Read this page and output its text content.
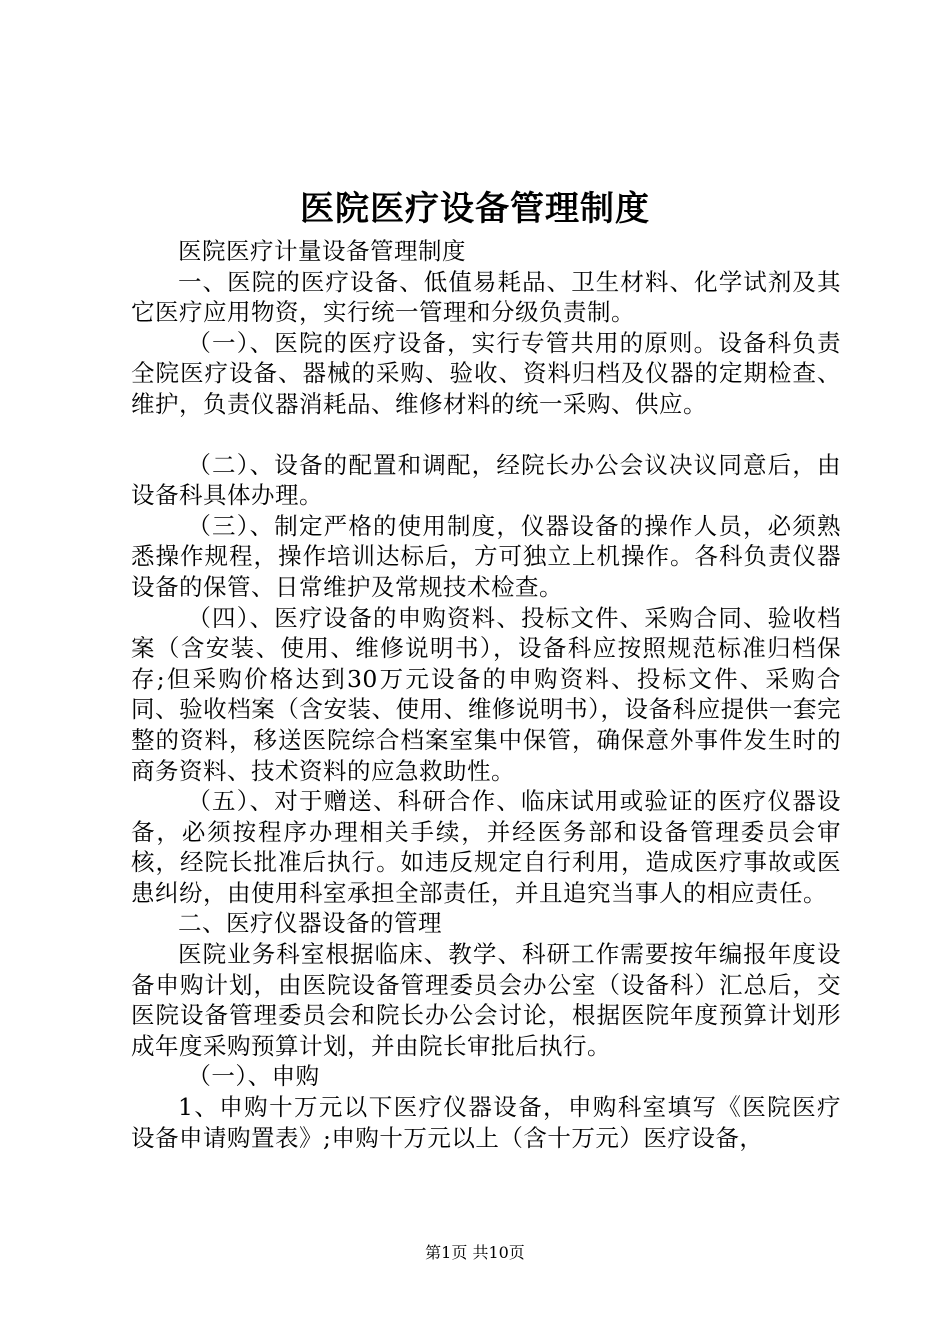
医院医疗设备管理制度

医院医疗计量设备管理制度

一、医院的医疗设备、低值易耗品、卫生材料、化学试剂及其它医疗应用物资，实行统一管理和分级负责制。

（一）、医院的医疗设备，实行专管共用的原则。设备科负责全院医疗设备、器械的采购、验收、资料归档及仪器的定期检查、维护，负责仪器消耗品、维修材料的统一采购、供应。

（二）、设备的配置和调配，经院长办公会议决议同意后，由设备科具体办理。

（三）、制定严格的使用制度，仪器设备的操作人员，必须熟悉操作规程，操作培训达标后，方可独立上机操作。各科负责仪器设备的保管、日常维护及常规技术检查。

（四）、医疗设备的申购资料、投标文件、采购合同、验收档案（含安装、使用、维修说明书），设备科应按照规范标准归档保存;但采购价格达到30万元设备的申购资料、投标文件、采购合同、验收档案（含安装、使用、维修说明书），设备科应提供一套完整的资料，移送医院综合档案室集中保管，确保意外事件发生时的商务资料、技术资料的应急救助性。

（五）、对于赠送、科研合作、临床试用或验证的医疗仪器设备，必须按程序办理相关手续，并经医务部和设备管理委员会审核，经院长批准后执行。如违反规定自行利用，造成医疗事故或医患纠纷，由使用科室承担全部责任，并且追究当事人的相应责任。

二、医疗仪器设备的管理

医院业务科室根据临床、教学、科研工作需要按年编报年度设备申购计划，由医院设备管理委员会办公室（设备科）汇总后，交医院设备管理委员会和院长办公会讨论，根据医院年度预算计划形成年度采购预算计划，并由院长审批后执行。

（一）、申购

1、申购十万元以下医疗仪器设备，申购科室填写《医院医疗设备申请购置表》;申购十万元以上（含十万元）医疗设备，

第1页 共10页
